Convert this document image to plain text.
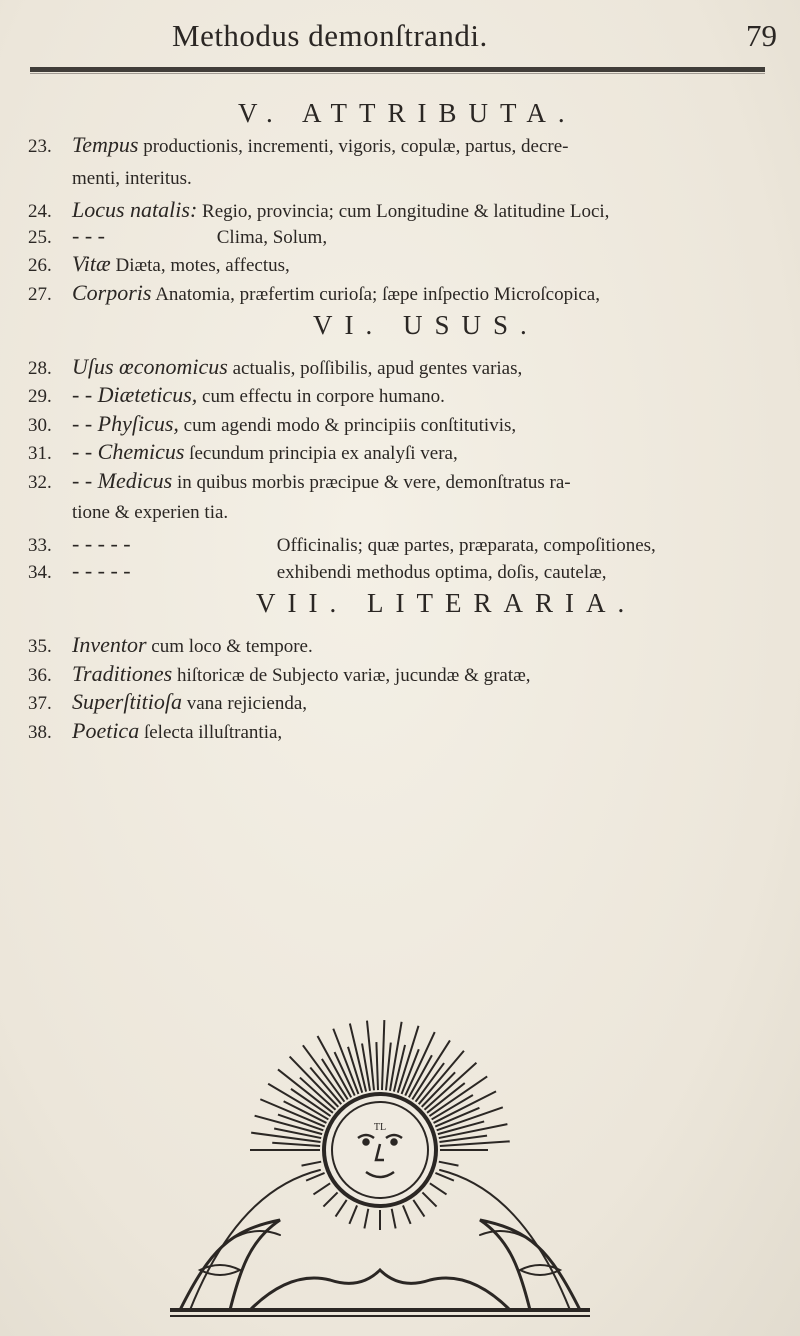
Methodus demonſtrandi.	79
V. ATTRIBUTA.
23. Tempus productionis, incrementi, vigoris, copulæ, partus, decre-
menti, interitus.
24. Locus natalis: Regio, provincia; cum Longitudine & latitudine Loci,
25. - - -	Clima, Solum,
26. Vitæ Diæta, motes, affectus,
27. Corporis Anatomia, præfertim curioſa; ſæpe inſpectio Microſcopica,
VI. USUS.
28. Uſus œconomicus actualis, poſſibilis, apud gentes varias,
29. - - Diæteticus, cum effectu in corpore humano.
30. - - Phyſicus, cum agendi modo & principiis conſtitutivis,
31. - - Chemicus ſecundum principia ex analyſi vera,
32. - - Medicus in quibus morbis præcipue & vere, demonſtratus ra-
tione & experien tia.
33. - - - - -	Officinalis; quæ partes, præparata, compoſitiones,
34. - - - - -	exhibendi methodus optima, doſis, cautelæ,
VII. LITERARIA.
35. Inventor cum loco & tempore.
36. Traditiones hiſtoricæ de Subjecto variæ, jucundæ & gratæ,
37. Superſtitioſa vana rejicienda,
38. Poetica ſelecta illuſtrantia,
TL
